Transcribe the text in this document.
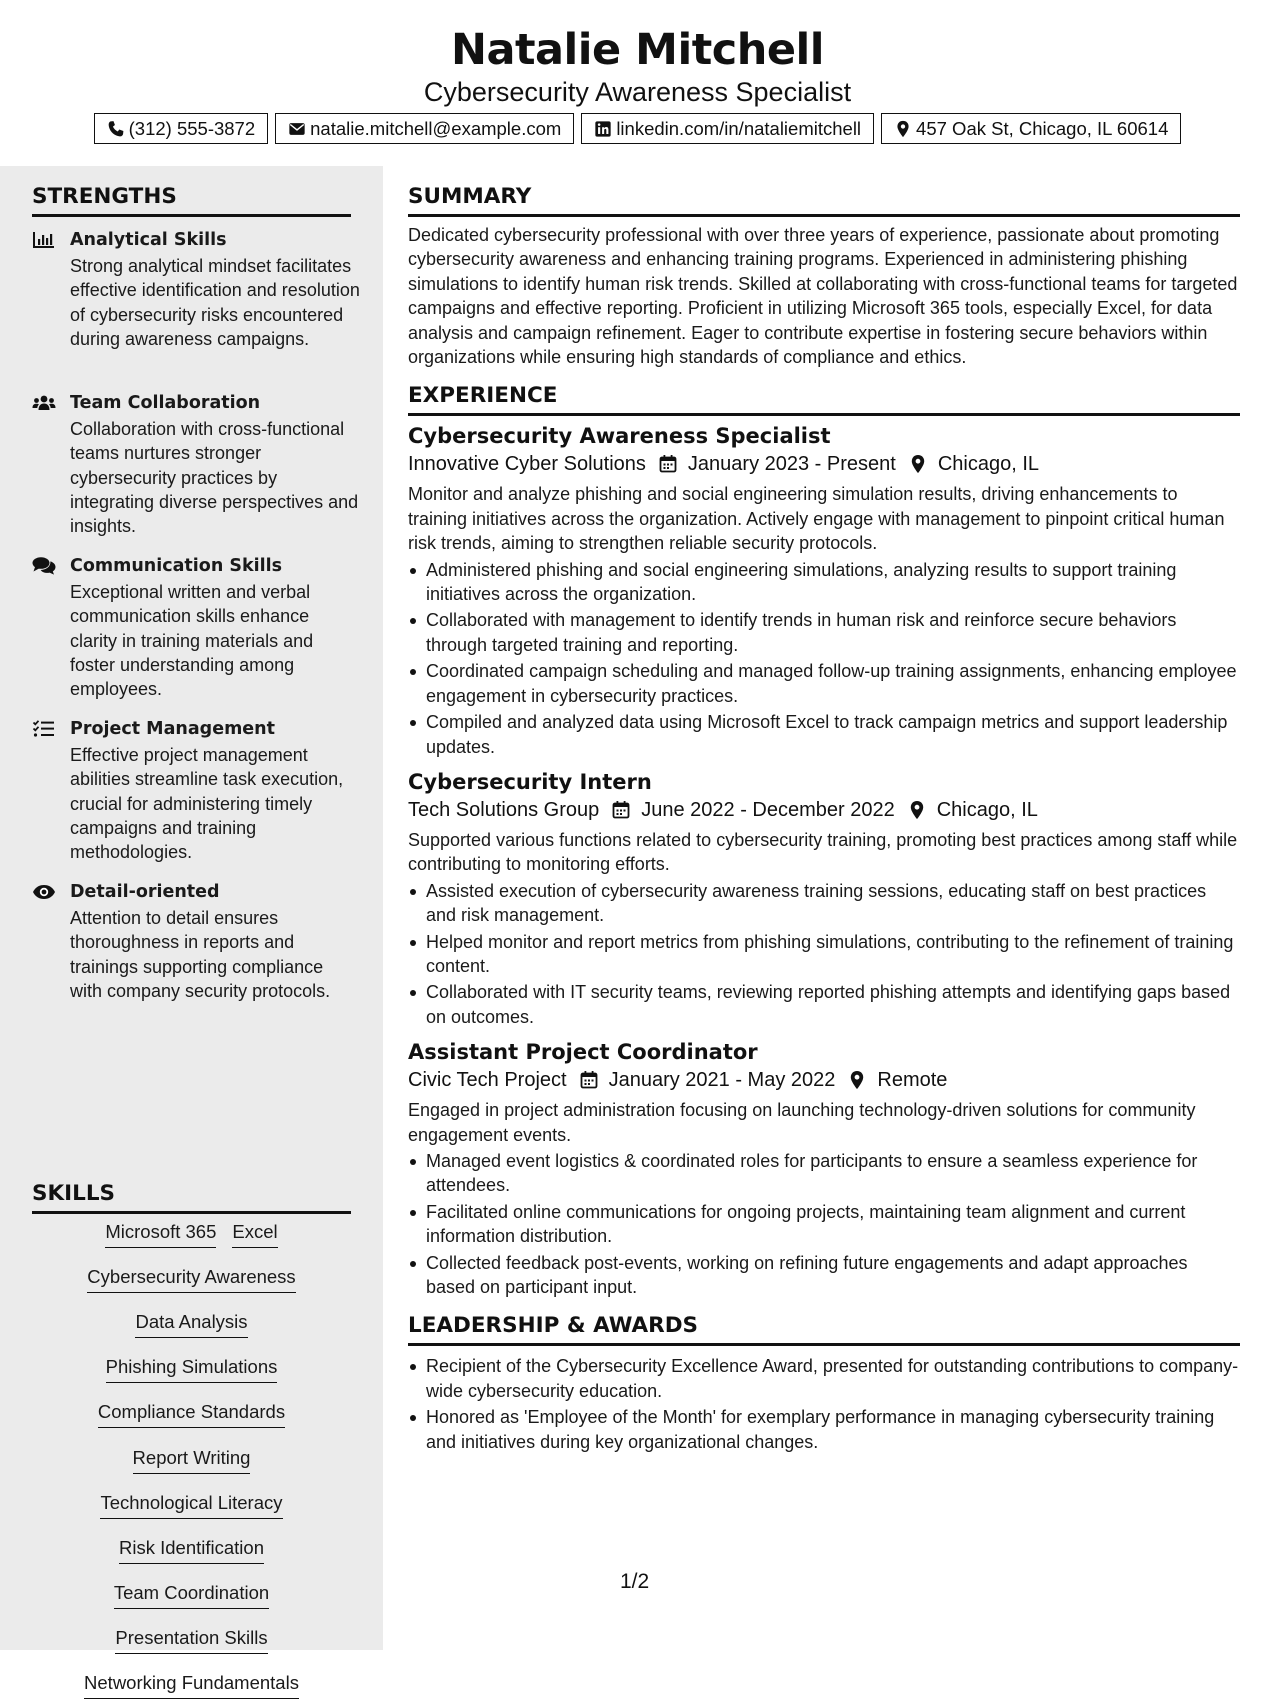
Natalie Mitchell
Cybersecurity Awareness Specialist
(312) 555-3872	natalie.mitchell@example.com	linkedin.com/in/nataliemitchell	457 Oak St, Chicago, IL 60614
STRENGTHS
Analytical Skills
Strong analytical mindset facilitates effective identification and resolution of cybersecurity risks encountered during awareness campaigns.
Team Collaboration
Collaboration with cross-functional teams nurtures stronger cybersecurity practices by integrating diverse perspectives and insights.
Communication Skills
Exceptional written and verbal communication skills enhance clarity in training materials and foster understanding among employees.
Project Management
Effective project management abilities streamline task execution, crucial for administering timely campaigns and training methodologies.
Detail-oriented
Attention to detail ensures thoroughness in reports and trainings supporting compliance with company security protocols.
SKILLS
Microsoft 365 Excel
Cybersecurity Awareness
Data Analysis
Phishing Simulations
Compliance Standards
Report Writing
Technological Literacy
Risk Identification
Team Coordination
Presentation Skills
Networking Fundamentals
SUMMARY
Dedicated cybersecurity professional with over three years of experience, passionate about promoting cybersecurity awareness and enhancing training programs. Experienced in administering phishing simulations to identify human risk trends. Skilled at collaborating with cross-functional teams for targeted campaigns and effective reporting. Proficient in utilizing Microsoft 365 tools, especially Excel, for data analysis and campaign refinement. Eager to contribute expertise in fostering secure behaviors within organizations while ensuring high standards of compliance and ethics.
EXPERIENCE
Cybersecurity Awareness Specialist
Innovative Cyber Solutions January 2023 - Present Chicago, IL
Monitor and analyze phishing and social engineering simulation results, driving enhancements to training initiatives across the organization. Actively engage with management to pinpoint critical human risk trends, aiming to strengthen reliable security protocols.
Administered phishing and social engineering simulations, analyzing results to support training initiatives across the organization.
Collaborated with management to identify trends in human risk and reinforce secure behaviors through targeted training and reporting.
Coordinated campaign scheduling and managed follow-up training assignments, enhancing employee engagement in cybersecurity practices.
Compiled and analyzed data using Microsoft Excel to track campaign metrics and support leadership updates.
Cybersecurity Intern
Tech Solutions Group June 2022 - December 2022 Chicago, IL
Supported various functions related to cybersecurity training, promoting best practices among staff while contributing to monitoring efforts.
Assisted execution of cybersecurity awareness training sessions, educating staff on best practices and risk management.
Helped monitor and report metrics from phishing simulations, contributing to the refinement of training content.
Collaborated with IT security teams, reviewing reported phishing attempts and identifying gaps based on outcomes.
Assistant Project Coordinator
Civic Tech Project January 2021 - May 2022 Remote
Engaged in project administration focusing on launching technology-driven solutions for community engagement events.
Managed event logistics & coordinated roles for participants to ensure a seamless experience for attendees.
Facilitated online communications for ongoing projects, maintaining team alignment and current information distribution.
Collected feedback post-events, working on refining future engagements and adapt approaches based on participant input.
LEADERSHIP & AWARDS
Recipient of the Cybersecurity Excellence Award, presented for outstanding contributions to company-wide cybersecurity education.
Honored as 'Employee of the Month' for exemplary performance in managing cybersecurity training and initiatives during key organizational changes.
1/2
